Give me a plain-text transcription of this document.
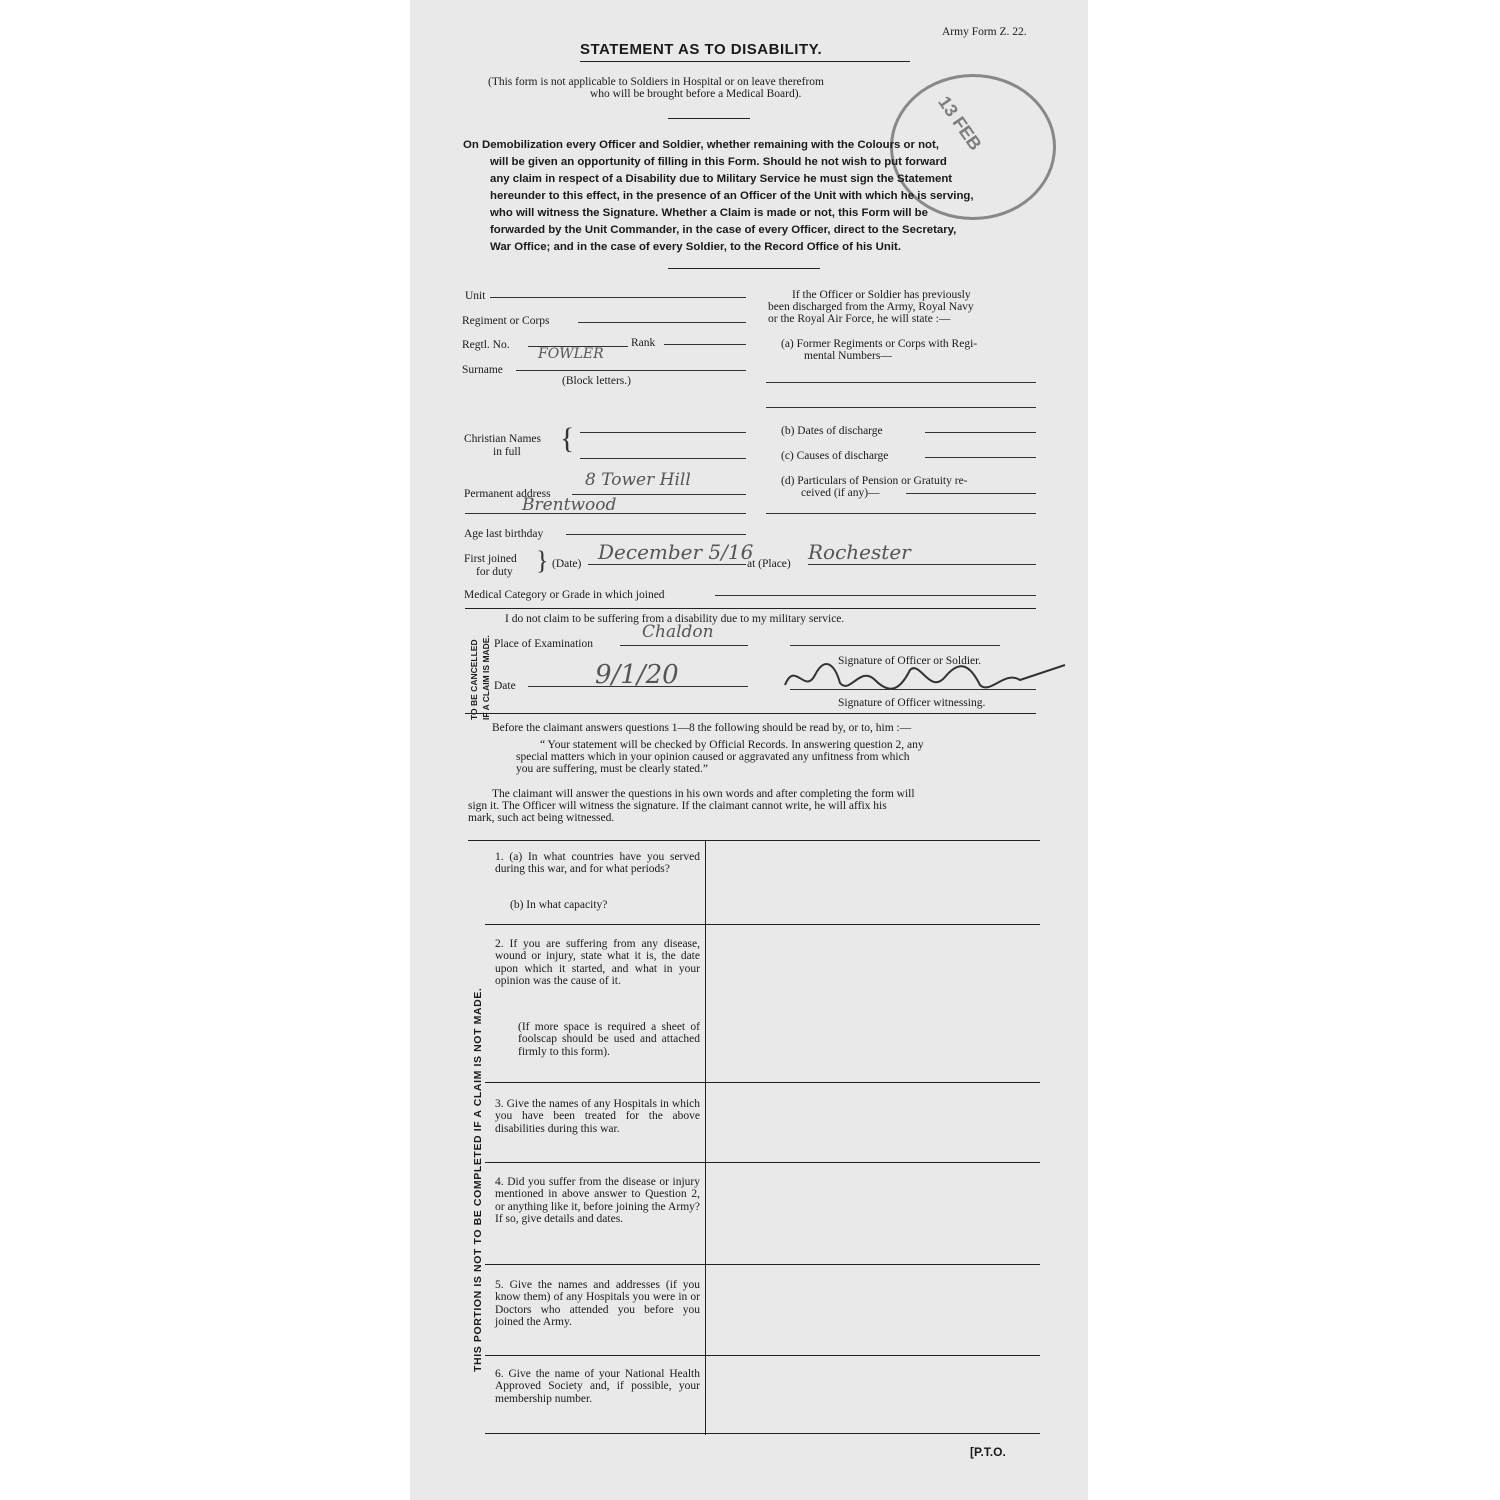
Army Form Z. 22.
STATEMENT AS TO DISABILITY.
(This form is not applicable to Soldiers in Hospital or on leave therefrom
who will be brought before a Medical Board).	13 FEB
On Demobilization every Officer and Soldier, whether remaining with the Colours or not,
will be given an opportunity of filling in this Form. Should he not wish to put forward
any claim in respect of a Disability due to Military Service he must sign the Statement
hereunder to this effect, in the presence of an Officer of the Unit with which he is serving,
who will witness the Signature. Whether a Claim is made or not, this Form will be
forwarded by the Unit Commander, in the case of every Officer, direct to the Secretary,
War Office; and in the case of every Soldier, to the Record Office of his Unit.
Unit
Regiment or Corps
Regtl. No.	Rank
FOWLER
Surname
(Block letters.)
Christian Names
in full {
8 Tower Hill
Permanent address
Brentwood
Age last birthday
First joined
for duty } (Date) December 5/16
at (Place) Rochester
Medical Category or Grade in which joined
If the Officer or Soldier has previously
been discharged from the Army, Royal Navy
or the Royal Air Force, he will state :—
(a) Former Regiments or Corps with Regi-
mental Numbers—
(b) Dates of discharge
(c) Causes of discharge
(d) Particulars of Pension or Gratuity re-
ceived (if any)—
TO BE CANCELLED IF A CLAIM IS MADE.
I do not claim to be suffering from a disability due to my military service.
Place of Examination
Chaldon
Signature of Officer or Soldier.
Date	9/1/20
Signature of Officer witnessing.
Before the claimant answers questions 1—8 the following should be read by, or to, him :—
“ Your statement will be checked by Official Records. In answering question 2, any
special matters which in your opinion caused or aggravated any unfitness from which
you are suffering, must be clearly stated.”
The claimant will answer the questions in his own words and after completing the form will
sign it. The Officer will witness the signature. If the claimant cannot write, he will affix his
mark, such act being witnessed.
THIS PORTION IS NOT TO BE COMPLETED IF A CLAIM IS NOT MADE.
1. (a) In what countries have you served during this war, and for what periods?
(b) In what capacity?
2. If you are suffering from any disease, wound or injury, state what it is, the date upon which it started, and what in your opinion was the cause of it.
(If more space is required a sheet of foolscap should be used and attached firmly to this form).
3. Give the names of any Hospitals in which you have been treated for the above disabilities during this war.
4. Did you suffer from the disease or injury mentioned in above answer to Question 2, or anything like it, before joining the Army? If so, give details and dates.
5. Give the names and addresses (if you know them) of any Hospitals you were in or Doctors who attended you before you joined the Army.
6. Give the name of your National Health Approved Society and, if possible, your membership number.
[P.T.O.
